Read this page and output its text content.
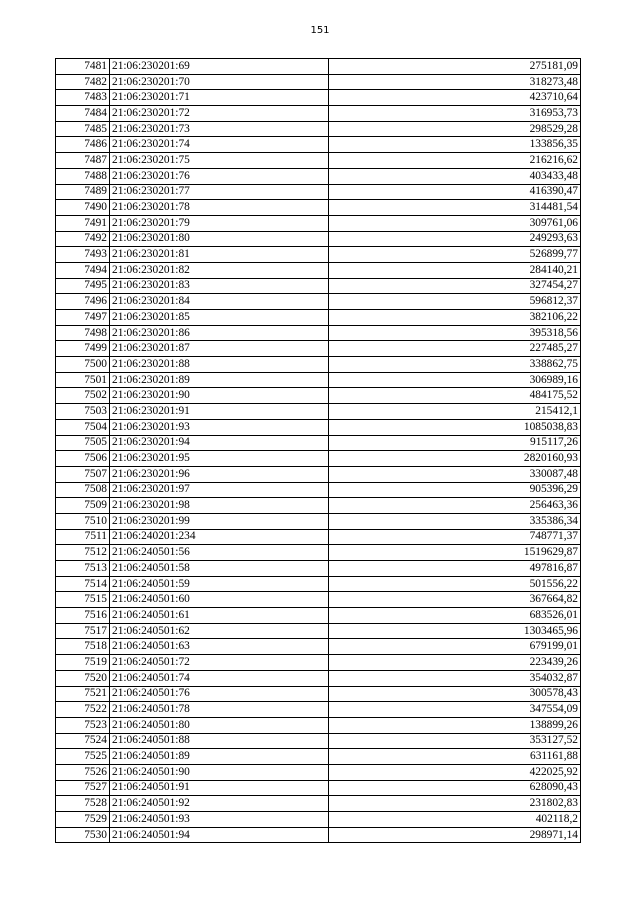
151
7481	21:06:230201:69	275181,09
7482	21:06:230201:70	318273,48
7483	21:06:230201:71	423710,64
7484	21:06:230201:72	316953,73
7485	21:06:230201:73	298529,28
7486	21:06:230201:74	133856,35
7487	21:06:230201:75	216216,62
7488	21:06:230201:76	403433,48
7489	21:06:230201:77	416390,47
7490	21:06:230201:78	314481,54
7491	21:06:230201:79	309761,06
7492	21:06:230201:80	249293,63
7493	21:06:230201:81	526899,77
7494	21:06:230201:82	284140,21
7495	21:06:230201:83	327454,27
7496	21:06:230201:84	596812,37
7497	21:06:230201:85	382106,22
7498	21:06:230201:86	395318,56
7499	21:06:230201:87	227485,27
7500	21:06:230201:88	338862,75
7501	21:06:230201:89	306989,16
7502	21:06:230201:90	484175,52
7503	21:06:230201:91	215412,1
7504	21:06:230201:93	1085038,83
7505	21:06:230201:94	915117,26
7506	21:06:230201:95	2820160,93
7507	21:06:230201:96	330087,48
7508	21:06:230201:97	905396,29
7509	21:06:230201:98	256463,36
7510	21:06:230201:99	335386,34
7511	21:06:240201:234	748771,37
7512	21:06:240501:56	1519629,87
7513	21:06:240501:58	497816,87
7514	21:06:240501:59	501556,22
7515	21:06:240501:60	367664,82
7516	21:06:240501:61	683526,01
7517	21:06:240501:62	1303465,96
7518	21:06:240501:63	679199,01
7519	21:06:240501:72	223439,26
7520	21:06:240501:74	354032,87
7521	21:06:240501:76	300578,43
7522	21:06:240501:78	347554,09
7523	21:06:240501:80	138899,26
7524	21:06:240501:88	353127,52
7525	21:06:240501:89	631161,88
7526	21:06:240501:90	422025,92
7527	21:06:240501:91	628090,43
7528	21:06:240501:92	231802,83
7529	21:06:240501:93	402118,2
7530	21:06:240501:94	298971,14
